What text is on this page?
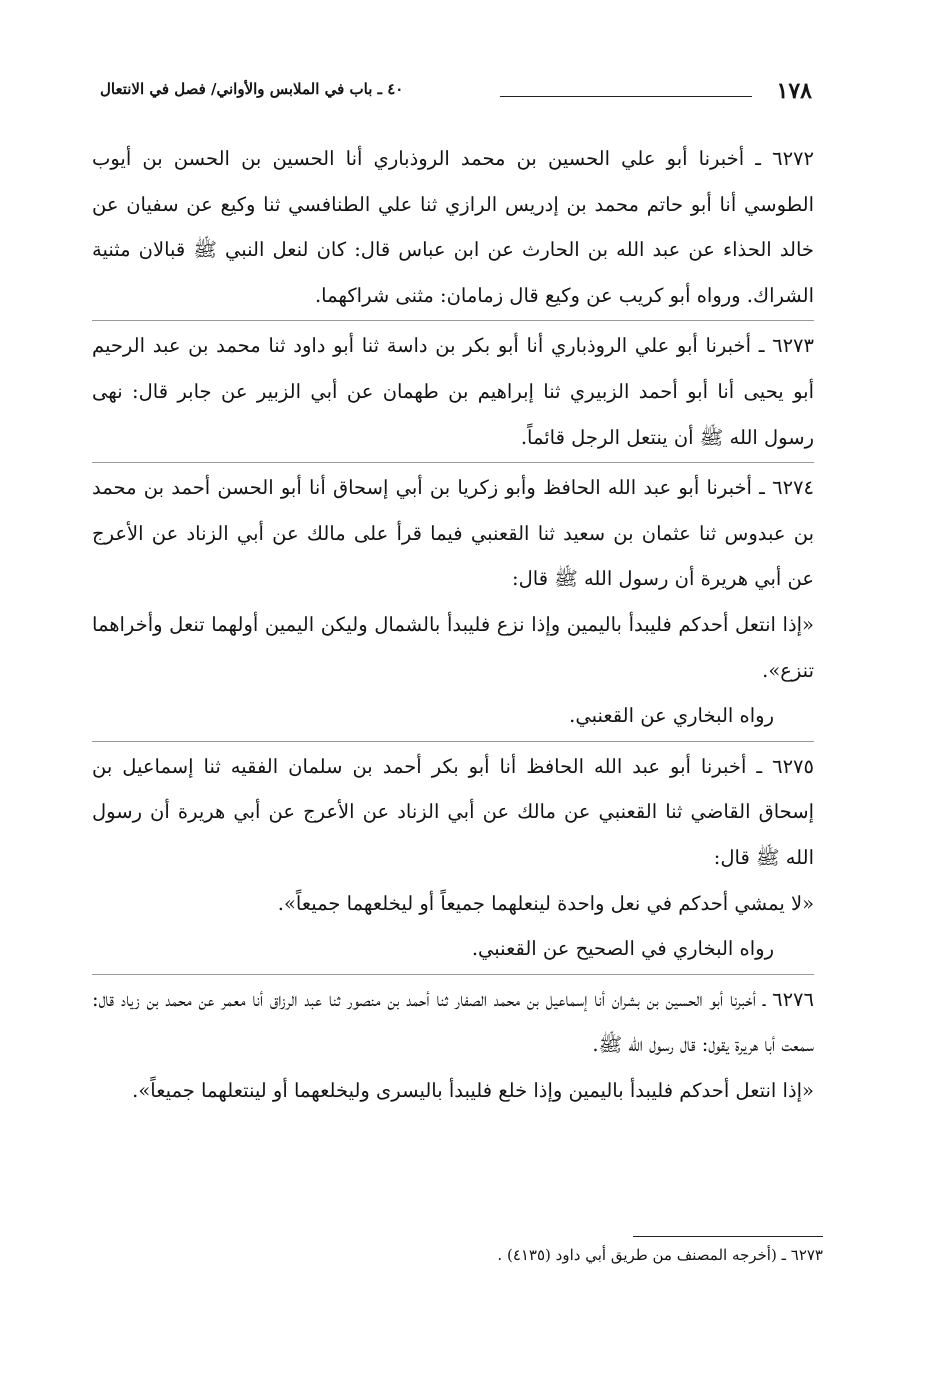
١٧٨
٤٠ ـ باب في الملابس والأواني/ فصل في الانتعال

٦٢٧٢ ـ أخبرنا أبو علي الحسين بن محمد الروذباري أنا الحسين بن الحسن بن أيوب الطوسي أنا أبو حاتم محمد بن إدريس الرازي ثنا علي الطنافسي ثنا وكيع عن سفيان عن خالد الحذاء عن عبد الله بن الحارث عن ابن عباس قال: كان لنعل النبي ﷺ قبالان مثنية الشراك. ورواه أبو كريب عن وكيع قال زمامان: مثنى شراكهما.

٦٢٧٣ ـ أخبرنا أبو علي الروذباري أنا أبو بكر بن داسة ثنا أبو داود ثنا محمد بن عبد الرحيم أبو يحيى أنا أبو أحمد الزبيري ثنا إبراهيم بن طهمان عن أبي الزبير عن جابر قال: نهى رسول الله ﷺ أن ينتعل الرجل قائماً.

٦٢٧٤ ـ أخبرنا أبو عبد الله الحافظ وأبو زكريا بن أبي إسحاق أنا أبو الحسن أحمد بن محمد بن عبدوس ثنا عثمان بن سعيد ثنا القعنبي فيما قرأ على مالك عن أبي الزناد عن الأعرج عن أبي هريرة أن رسول الله ﷺ قال:

«إذا انتعل أحدكم فليبدأ باليمين وإذا نزع فليبدأ بالشمال وليكن اليمين أولهما تنعل وأخراهما تنزع».

رواه البخاري عن القعنبي.

٦٢٧٥ ـ أخبرنا أبو عبد الله الحافظ أنا أبو بكر أحمد بن سلمان الفقيه ثنا إسماعيل بن إسحاق القاضي ثنا القعنبي عن مالك عن أبي الزناد عن الأعرج عن أبي هريرة أن رسول الله ﷺ قال:

«لا يمشي أحدكم في نعل واحدة لينعلهما جميعاً أو ليخلعهما جميعاً».

رواه البخاري في الصحيح عن القعنبي.

٦٢٧٦ ـ أخبرنا أبو الحسين بن بشران أنا إسماعيل بن محمد الصفار ثنا أحمد بن منصور ثنا عبد الرزاق أنا معمر عن محمد بن زياد قال: سمعت أبا هريرة يقول: قال رسول الله ﷺ.

«إذا انتعل أحدكم فليبدأ باليمين وإذا خلع فليبدأ باليسرى وليخلعهما أو لينتعلهما جميعاً».

٦٢٧٣ ـ (أخرجه المصنف من طريق أبي داود (٤١٣٥) .
